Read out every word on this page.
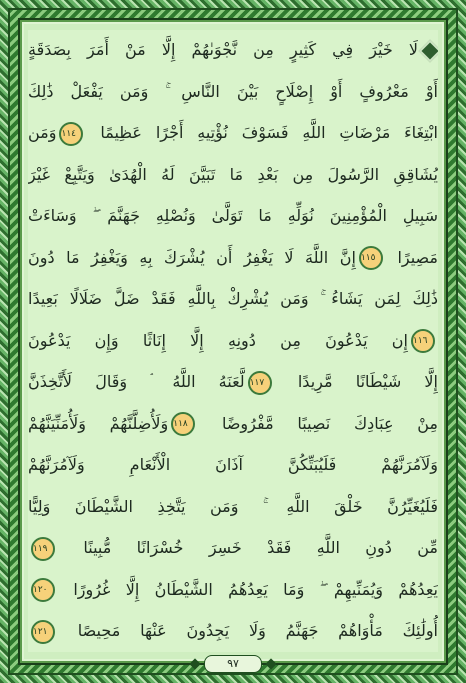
لَا خَيْرَ فِي كَثِيرٍ مِن نَّجْوَىٰهُمْ إِلَّا مَنْ أَمَرَ بِصَدَقَةٍ
أَوْ مَعْرُوفٍ أَوْ إِصْلَاحٍ بَيْنَ النَّاسِ ۚ وَمَن يَفْعَلْ ذَٰلِكَ
ابْتِغَاءَ مَرْضَاتِ اللَّهِ فَسَوْفَ نُؤْتِيهِ أَجْرًا عَظِيمًا ١١٤وَمَن
يُشَاقِقِ الرَّسُولَ مِن بَعْدِ مَا تَبَيَّنَ لَهُ الْهُدَىٰ وَيَتَّبِعْ غَيْرَ
سَبِيلِ الْمُؤْمِنِينَ نُوَلِّهِ مَا تَوَلَّىٰ وَنُصْلِهِ جَهَنَّمَ ۖ وَسَاءَتْ
مَصِيرًا ١١٥إِنَّ اللَّهَ لَا يَغْفِرُ أَن يُشْرَكَ بِهِ وَيَغْفِرُ مَا دُونَ
ذَٰلِكَ لِمَن يَشَاءُ ۚ وَمَن يُشْرِكْ بِاللَّهِ فَقَدْ ضَلَّ ضَلَالًا بَعِيدًا
١١٦إِن يَدْعُونَ مِن دُونِهِ إِلَّا إِنَاثًا وَإِن يَدْعُونَ
إِلَّا شَيْطَانًا مَّرِيدًا ١١٧لَّعَنَهُ اللَّهُ ۘ وَقَالَ لَأَتَّخِذَنَّ
مِنْ عِبَادِكَ نَصِيبًا مَّفْرُوضًا ١١٨وَلَأُضِلَّنَّهُمْ وَلَأُمَنِّيَنَّهُمْ
وَلَآمُرَنَّهُمْ فَلَيُبَتِّكُنَّ آذَانَ الْأَنْعَامِ وَلَآمُرَنَّهُمْ
فَلَيُغَيِّرُنَّ خَلْقَ اللَّهِ ۚ وَمَن يَتَّخِذِ الشَّيْطَانَ وَلِيًّا
مِّن دُونِ اللَّهِ فَقَدْ خَسِرَ خُسْرَانًا مُّبِينًا ١١٩
يَعِدُهُمْ وَيُمَنِّيهِمْ ۖ وَمَا يَعِدُهُمُ الشَّيْطَانُ إِلَّا غُرُورًا ١٢٠
أُولَٰئِكَ مَأْوَاهُمْ جَهَنَّمُ وَلَا يَجِدُونَ عَنْهَا مَحِيصًا ١٢١
٩٧
